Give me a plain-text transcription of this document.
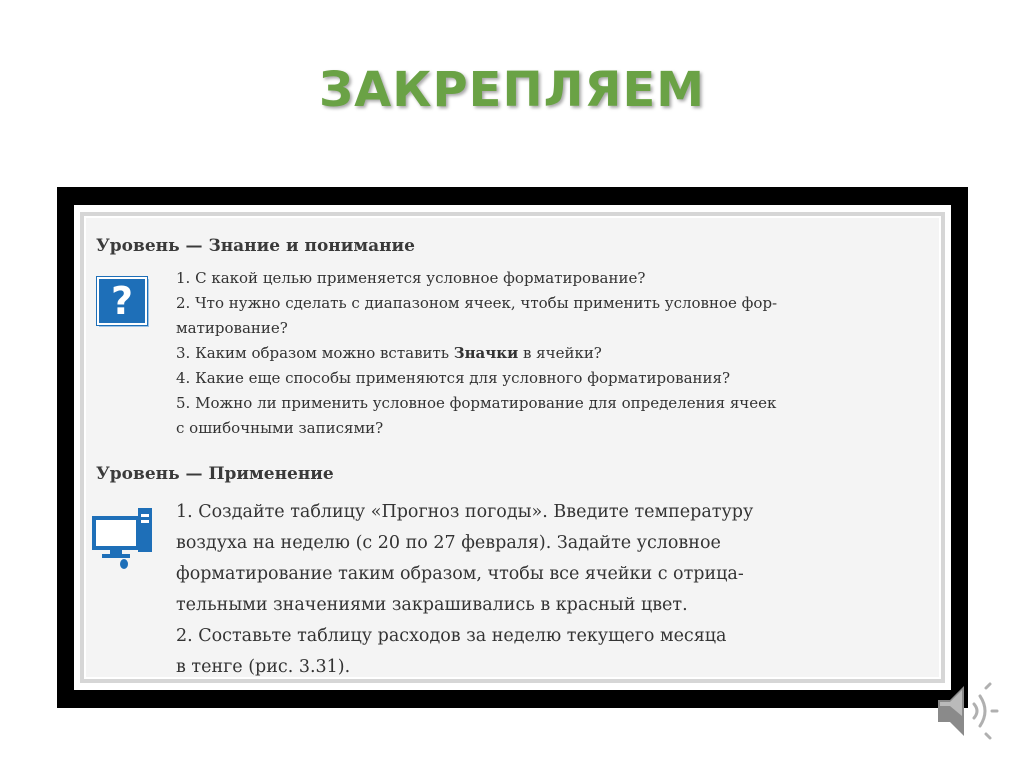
ЗАКРЕПЛЯЕМ
Уровень — Знание и понимание
?
1. С какой целью применяется условное форматирование?
2. Что нужно сделать с диапазоном ячеек, чтобы применить условное фор-
матирование?
3. Каким образом можно вставить Значки в ячейки?
4. Какие еще способы применяются для условного форматирования?
5. Можно ли применить условное форматирование для определения ячеек
с ошибочными записями?
Уровень — Применение
1. Создайте таблицу «Прогноз погоды». Введите температуру
воздуха на неделю (с 20 по 27 февраля). Задайте условное
форматирование таким образом, чтобы все ячейки с отрица-
тельными значениями закрашивались в красный цвет.
2. Составьте таблицу расходов за неделю текущего месяца
в тенге (рис. 3.31).
